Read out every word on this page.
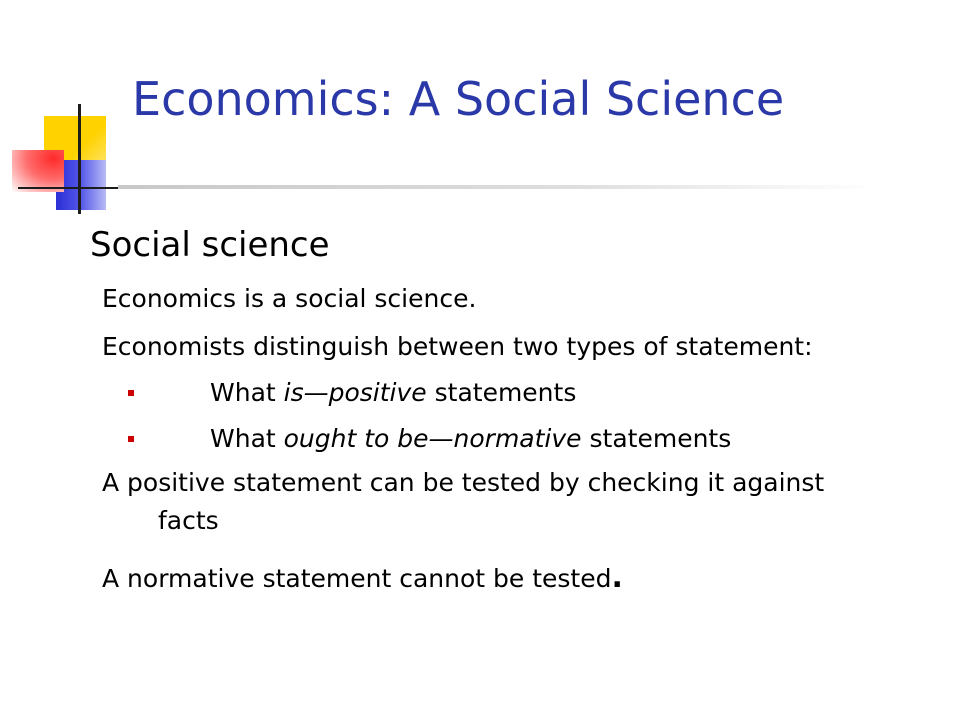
Economics: A Social Science
Social science
Economics is a social science.
Economists distinguish between two types of statement:
What is—positive statements
What ought to be—normative statements
A positive statement can be tested by checking it against
facts
A normative statement cannot be tested.
